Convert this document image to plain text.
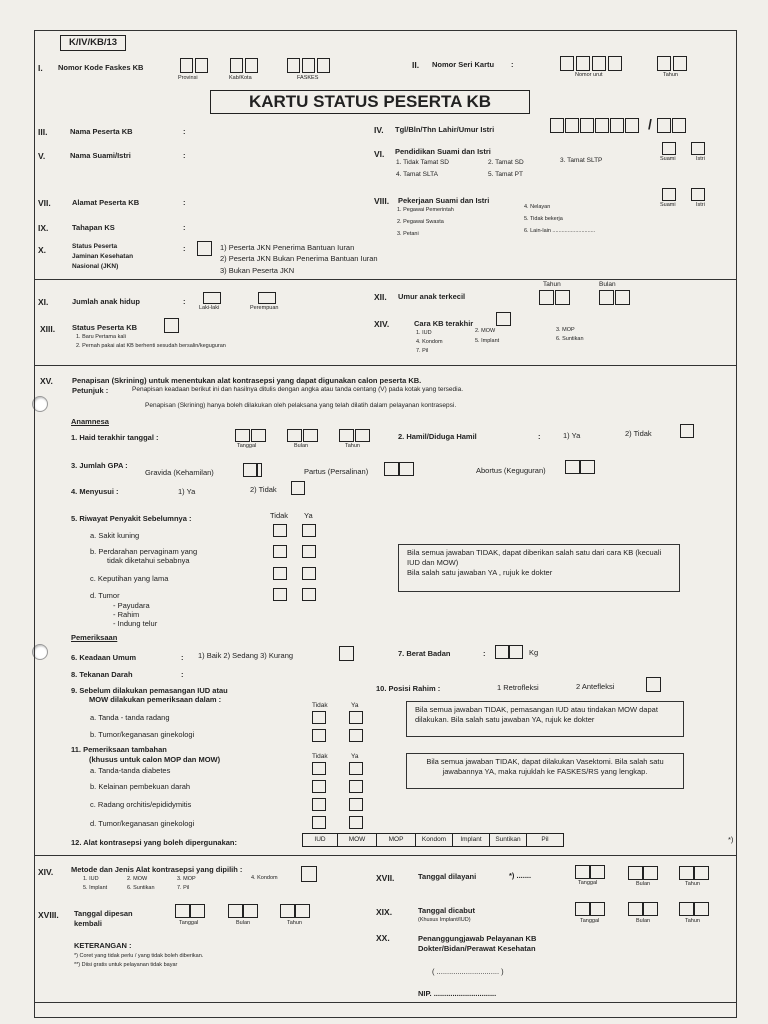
K/IV/KB/13
I. Nomor Kode Faskes KB
Provinsi	Kab/Kota	FASKES
II. Nomor Seri Kartu :
Nomor urut	Tahun
KARTU STATUS PESERTA KB
III.	Nama Peserta KB	:	IV. Tgl/Bln/Thn Lahir/Umur Istri	/
V.	Nama Suami/Istri	:	VI. Pendidikan Suami dan Istri
1. Tidak Tamat SD	2. Tamat SD	3. Tamat SLTP
4. Tamat SLTA	5. Tamat PT
Suami	Istri
VII.	Alamat Peserta KB	:	VIII. Pekerjaan Suami dan Istri
1. Pegawai Pemerintah
2. Pegawai Swasta
3. Petani
4. Nelayan
5. Tidak bekerja
6. Lain-lain ............................
Suami	Istri
IX.	Tahapan KS	:
X.	Status Peserta
Jaminan Kesehatan
Nasional (JKN)
:	1) Peserta JKN Penerima Bantuan Iuran
2) Peserta JKN Bukan Penerima Bantuan Iuran
3) Bukan Peserta JKN
XI.	Jumlah anak hidup	:
Laki-laki	Perempuan
XII. Umur anak terkecil
Tahun	Bulan
XIII. Status Peserta KB
1. Baru Pertama kali
2. Pernah pakai alat KB berhenti sesudah bersalin/keguguran
XIV.	Cara KB terakhir
1. IUD	2. MOW	3. MOP
4. Kondom	5. Implant	6. Suntikan
7. Pil
XV.	Penapisan (Skrining) untuk menentukan alat kontrasepsi yang dapat digunakan calon peserta KB.
Petunjuk :	Penapisan keadaan berikut ini dan hasilnya ditulis dengan angka atau tanda centang (V) pada kotak yang tersedia.
Penapisan (Skrining) hanya boleh dilakukan oleh pelaksana yang telah dilatih dalam pelayanan kontrasepsi.
Anamnesa
1. Haid terakhir tanggal :
Tanggal	Bulan	Tahun
2. Hamil/Diduga Hamil	:	1) Ya	2) Tidak
3. Jumlah GPA :
Gravida (Kehamilan)	Partus (Persalinan)	Abortus (Keguguran)
4. Menyusui :	1) Ya	2) Tidak
5. Riwayat Penyakit Sebelumnya :	Tidak Ya
a. Sakit kuning
b. Perdarahan pervaginam yang
tidak diketahui sebabnya
c. Keputihan yang lama
d. Tumor
- Payudara
- Rahim
- Indung telur
Bila semua jawaban TIDAK, dapat diberikan salah satu dari cara KB (kecuali IUD dan MOW)
Bila salah satu jawaban YA , rujuk ke dokter
Pemeriksaan
6. Keadaan Umum	: 1) Baik 2) Sedang 3) Kurang	7. Berat Badan	:	Kg
8. Tekanan Darah	:
9. Sebelum dilakukan pemasangan IUD atau
MOW dilakukan pemeriksaan dalam :
Tidak	Ya
a. Tanda - tanda radang
b. Tumor/keganasan ginekologi
10. Posisi Rahim :	1 Retrofleksi	2 Antefleksi
Bila semua jawaban TIDAK, pemasangan IUD atau tindakan MOW dapat dilakukan. Bila salah satu jawaban YA, rujuk ke dokter
11. Pemeriksaan tambahan
(khusus untuk calon MOP dan MOW)	Tidak	Ya
a. Tanda-tanda diabetes
b. Kelainan pembekuan darah
c. Radang orchitis/epididymitis
d. Tumor/keganasan ginekologi
Bila semua jawaban TIDAK, dapat dilakukan Vasektomi. Bila salah satu jawabannya YA, maka rujuklah ke FASKES/RS yang lengkap.
12. Alat kontrasepsi yang boleh dipergunakan:	IUD	MOW	MOP	Kondom	Implant	Suntikan	Pil	*)
XIV. Metode dan Jenis Alat kontrasepsi yang dipilih :
1. IUD	2. MOW	3. MOP	4. Kondom
5. Implant	6. Suntikan	7. Pil
XVII.	Tanggal dilayani	*) .......
Tanggal	Bulan	Tahun
XVIII. Tanggal dipesan
kembali	Tanggal	Bulan	Tahun
XIX.	Tanggal dicabut
(Khusus Implant/IUD)	Tanggal	Bulan	Tahun
XX.	Penanggungjawab Pelayanan KB
Dokter/Bidan/Perawat Kesehatan
( .............................. )
NIP. ..............................
KETERANGAN :
*) Coret yang tidak perlu / yang tidak boleh diberikan.
**) Diisi gratis untuk pelayanan tidak bayar
